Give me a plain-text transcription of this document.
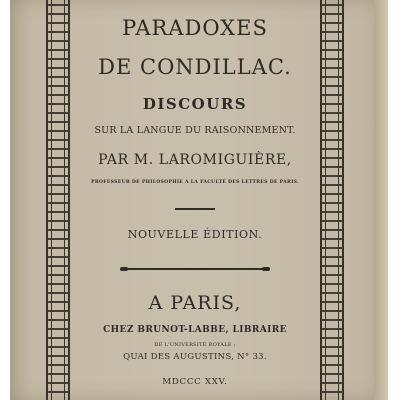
PARADOXES
DE CONDILLAC.
DISCOURS
SUR LA LANGUE DU RAISONNEMENT.
PAR M. LAROMIGUIÈRE,
PROFESSEUR DE PHILOSOPHIE A LA FACULTÉ DES LETTRES DE PARIS.
NOUVELLE ÉDITION.
A PARIS,
CHEZ BRUNOT-LABBE, LIBRAIRE
DE L'UNIVERSITÉ ROYALE ;
QUAI DES AUGUSTINS, N° 33.
MDCCC XXV.
